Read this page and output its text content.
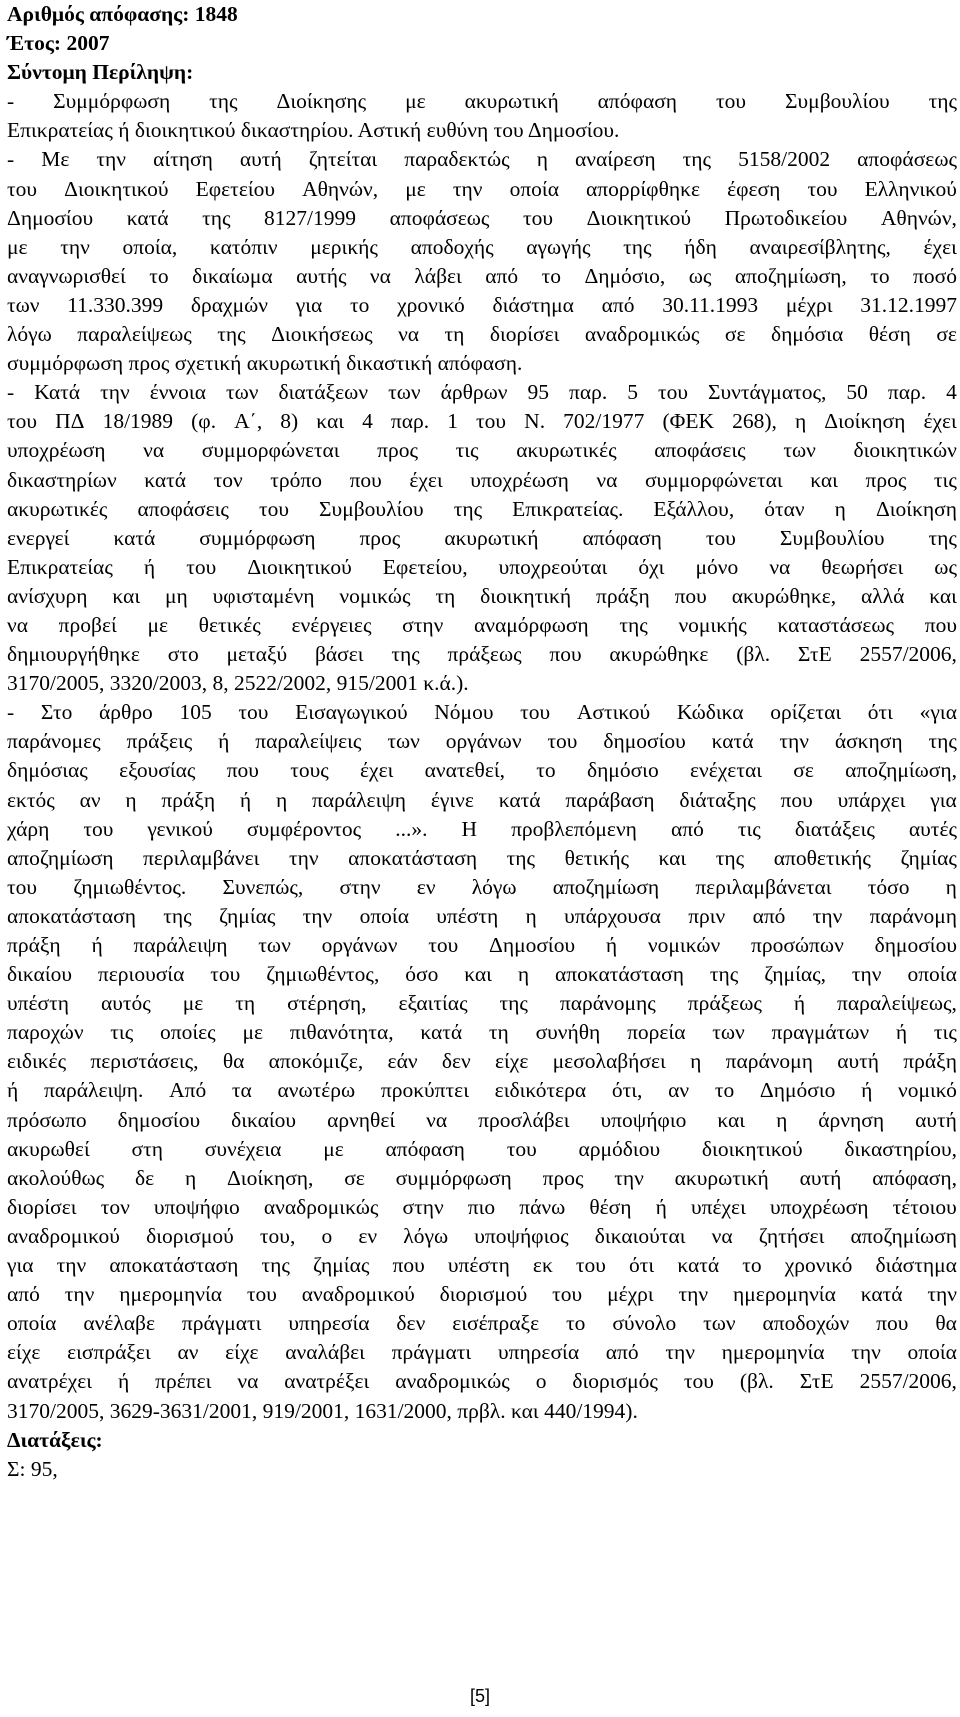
Αριθμός απόφασης: 1848
Έτος: 2007
Σύντομη Περίληψη:
- Συμμόρφωση της Διοίκησης με ακυρωτική απόφαση του Συμβουλίου της
Επικρατείας ή διοικητικού δικαστηρίου. Αστική ευθύνη του Δημοσίου.
- Με την αίτηση αυτή ζητείται παραδεκτώς η αναίρεση της 5158/2002 αποφάσεως
του Διοικητικού Εφετείου Αθηνών, με την οποία απορρίφθηκε έφεση του Ελληνικού
Δημοσίου κατά της 8127/1999 αποφάσεως του Διοικητικού Πρωτοδικείου Αθηνών,
με την οποία, κατόπιν μερικής αποδοχής αγωγής της ήδη αναιρεσίβλητης, έχει
αναγνωρισθεί το δικαίωμα αυτής να λάβει από το Δημόσιο, ως αποζημίωση, το ποσό
των 11.330.399 δραχμών για το χρονικό διάστημα από 30.11.1993 μέχρι 31.12.1997
λόγω παραλείψεως της Διοικήσεως να τη διορίσει αναδρομικώς σε δημόσια θέση σε
συμμόρφωση προς σχετική ακυρωτική δικαστική απόφαση.
- Κατά την έννοια των διατάξεων των άρθρων 95 παρ. 5 του Συντάγματος, 50 παρ. 4
του ΠΔ 18/1989 (φ. Α΄, 8) και 4 παρ. 1 του Ν. 702/1977 (ΦΕΚ 268), η Διοίκηση έχει
υποχρέωση να συμμορφώνεται προς τις ακυρωτικές αποφάσεις των διοικητικών
δικαστηρίων κατά τον τρόπο που έχει υποχρέωση να συμμορφώνεται και προς τις
ακυρωτικές αποφάσεις του Συμβουλίου της Επικρατείας. Εξάλλου, όταν η Διοίκηση
ενεργεί κατά συμμόρφωση προς ακυρωτική απόφαση του Συμβουλίου της
Επικρατείας ή του Διοικητικού Εφετείου, υποχρεούται όχι μόνο να θεωρήσει ως
ανίσχυρη και μη υφισταμένη νομικώς τη διοικητική πράξη που ακυρώθηκε, αλλά και
να προβεί με θετικές ενέργειες στην αναμόρφωση της νομικής καταστάσεως που
δημιουργήθηκε στο μεταξύ βάσει της πράξεως που ακυρώθηκε (βλ. ΣτΕ 2557/2006,
3170/2005, 3320/2003, 8, 2522/2002, 915/2001 κ.ά.).
- Στο άρθρο 105 του Εισαγωγικού Νόμου του Αστικού Κώδικα ορίζεται ότι «για
παράνομες πράξεις ή παραλείψεις των οργάνων του δημοσίου κατά την άσκηση της
δημόσιας εξουσίας που τους έχει ανατεθεί, το δημόσιο ενέχεται σε αποζημίωση,
εκτός αν η πράξη ή η παράλειψη έγινε κατά παράβαση διάταξης που υπάρχει για
χάρη του γενικού συμφέροντος ...». Η προβλεπόμενη από τις διατάξεις αυτές
αποζημίωση περιλαμβάνει την αποκατάσταση της θετικής και της αποθετικής ζημίας
του ζημιωθέντος. Συνεπώς, στην εν λόγω αποζημίωση περιλαμβάνεται τόσο η
αποκατάσταση της ζημίας την οποία υπέστη η υπάρχουσα πριν από την παράνομη
πράξη ή παράλειψη των οργάνων του Δημοσίου ή νομικών προσώπων δημοσίου
δικαίου περιουσία του ζημιωθέντος, όσο και η αποκατάσταση της ζημίας, την οποία
υπέστη αυτός με τη στέρηση, εξαιτίας της παράνομης πράξεως ή παραλείψεως,
παροχών τις οποίες με πιθανότητα, κατά τη συνήθη πορεία των πραγμάτων ή τις
ειδικές περιστάσεις, θα αποκόμιζε, εάν δεν είχε μεσολαβήσει η παράνομη αυτή πράξη
ή παράλειψη. Από τα ανωτέρω προκύπτει ειδικότερα ότι, αν το Δημόσιο ή νομικό
πρόσωπο δημοσίου δικαίου αρνηθεί να προσλάβει υποψήφιο και η άρνηση αυτή
ακυρωθεί στη συνέχεια με απόφαση του αρμόδιου διοικητικού δικαστηρίου,
ακολούθως δε η Διοίκηση, σε συμμόρφωση προς την ακυρωτική αυτή απόφαση,
διορίσει τον υποψήφιο αναδρομικώς στην πιο πάνω θέση ή υπέχει υποχρέωση τέτοιου
αναδρομικού διορισμού του, ο εν λόγω υποψήφιος δικαιούται να ζητήσει αποζημίωση
για την αποκατάσταση της ζημίας που υπέστη εκ του ότι κατά το χρονικό διάστημα
από την ημερομηνία του αναδρομικού διορισμού του μέχρι την ημερομηνία κατά την
οποία ανέλαβε πράγματι υπηρεσία δεν εισέπραξε το σύνολο των αποδοχών που θα
είχε εισπράξει αν είχε αναλάβει πράγματι υπηρεσία από την ημερομηνία την οποία
ανατρέχει ή πρέπει να ανατρέξει αναδρομικώς ο διορισμός του (βλ. ΣτΕ 2557/2006,
3170/2005, 3629-3631/2001, 919/2001, 1631/2000, πρβλ. και 440/1994).
Διατάξεις:
Σ: 95,
[5]
